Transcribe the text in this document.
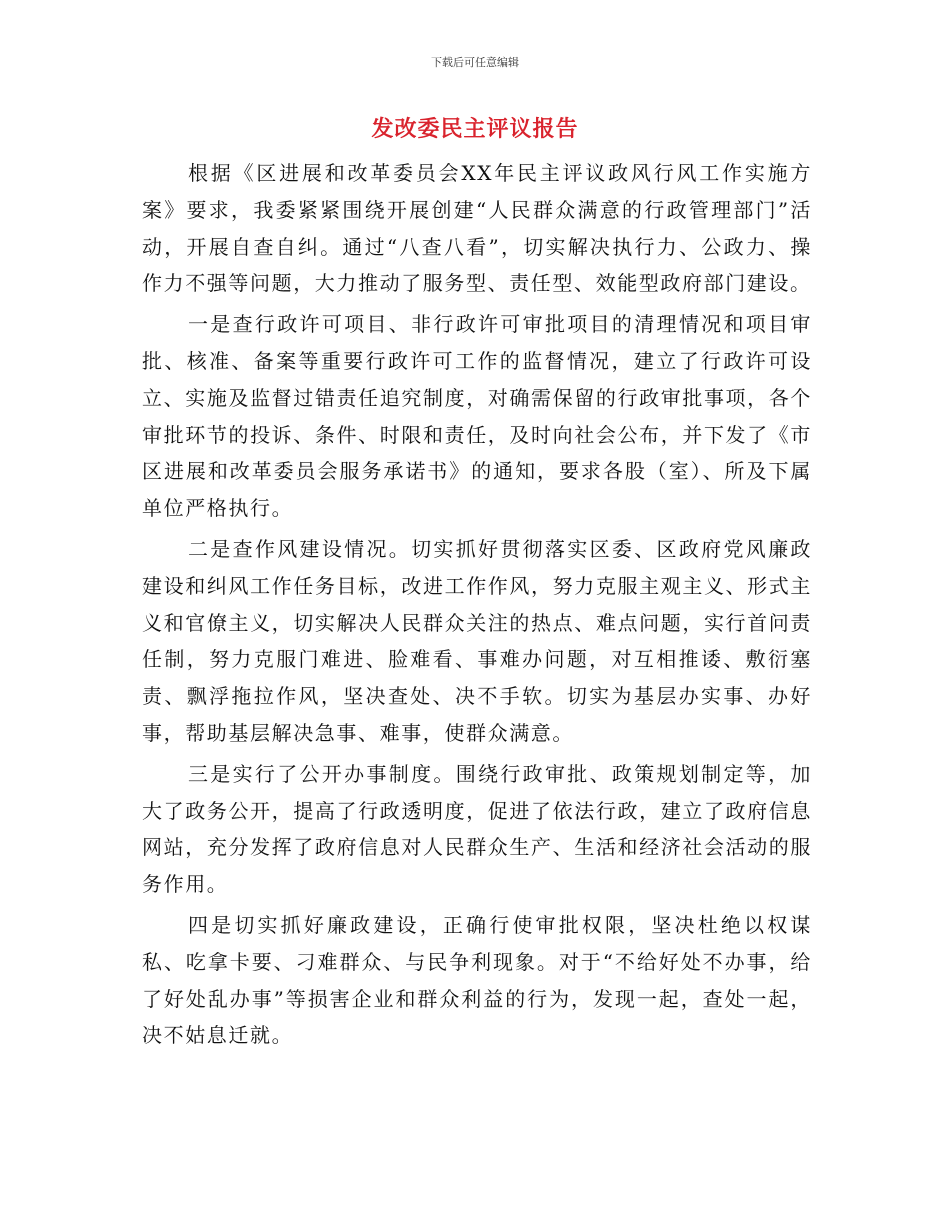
下载后可任意编辑
发改委民主评议报告

根据《区进展和改革委员会XX年民主评议政风行风工作实施方案》要求，我委紧紧围绕开展创建“人民群众满意的行政管理部门”活动，开展自查自纠。通过“八查八看”，切实解决执行力、公政力、操作力不强等问题，大力推动了服务型、责任型、效能型政府部门建设。

一是查行政许可项目、非行政许可审批项目的清理情况和项目审批、核准、备案等重要行政许可工作的监督情况，建立了行政许可设立、实施及监督过错责任追究制度，对确需保留的行政审批事项，各个审批环节的投诉、条件、时限和责任，及时向社会公布，并下发了《市区进展和改革委员会服务承诺书》的通知，要求各股（室）、所及下属单位严格执行。

二是查作风建设情况。切实抓好贯彻落实区委、区政府党风廉政建设和纠风工作任务目标，改进工作作风，努力克服主观主义、形式主义和官僚主义，切实解决人民群众关注的热点、难点问题，实行首问责任制，努力克服门难进、脸难看、事难办问题，对互相推诿、敷衍塞责、飘浮拖拉作风，坚决查处、决不手软。切实为基层办实事、办好事，帮助基层解决急事、难事，使群众满意。

三是实行了公开办事制度。围绕行政审批、政策规划制定等，加大了政务公开，提高了行政透明度，促进了依法行政，建立了政府信息网站，充分发挥了政府信息对人民群众生产、生活和经济社会活动的服务作用。

四是切实抓好廉政建设，正确行使审批权限，坚决杜绝以权谋私、吃拿卡要、刁难群众、与民争利现象。对于“不给好处不办事，给了好处乱办事”等损害企业和群众利益的行为，发现一起，查处一起，决不姑息迁就。
